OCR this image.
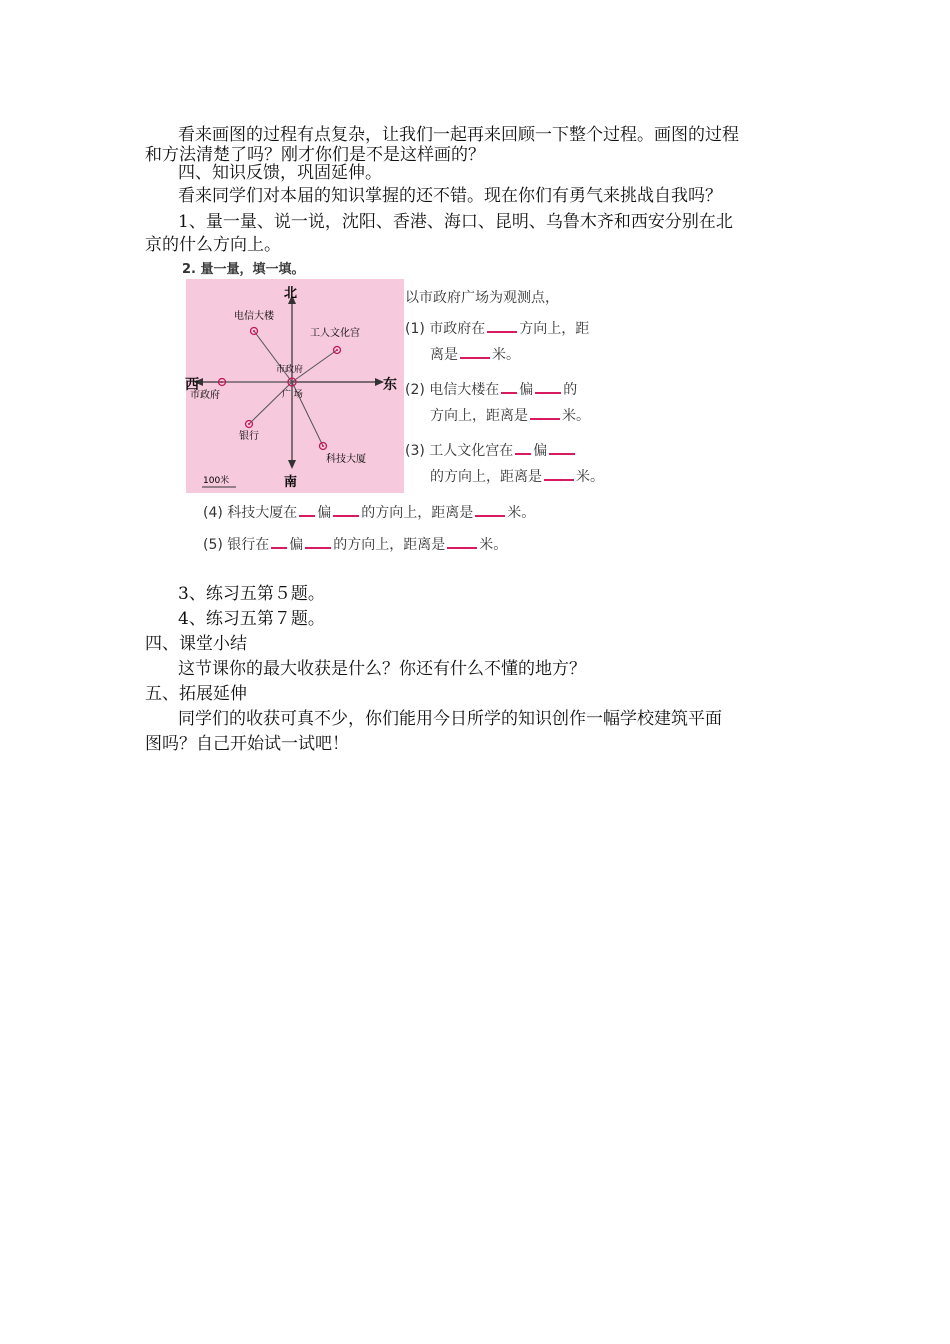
看来画图的过程有点复杂，让我们一起再来回顾一下整个过程。画图的过程
和方法清楚了吗？刚才你们是不是这样画的？
四、知识反馈，巩固延伸。
看来同学们对本届的知识掌握的还不错。现在你们有勇气来挑战自我吗？
1、量一量、说一说，沈阳、香港、海口、昆明、乌鲁木齐和西安分别在北
京的什么方向上。
2. 量一量，填一填。
北
南
电信大楼
工人文化宫
市政府
广 场
市政府
银行
科技大厦
100米
西	东
以市政府广场为观测点，
(1) 市政府在 方向上，距
离是 米。
(2) 电信大楼在 偏 的
方向上，距离是 米。
(3) 工人文化宫在 偏
的方向上，距离是 米。
(4) 科技大厦在 偏 的方向上，距离是 米。
(5) 银行在 偏 的方向上，距离是 米。
3、练习五第５题。
4、练习五第７题。
四、课堂小结
这节课你的最大收获是什么？你还有什么不懂的地方？
五、拓展延伸
同学们的收获可真不少，你们能用今日所学的知识创作一幅学校建筑平面
图吗？自己开始试一试吧！
